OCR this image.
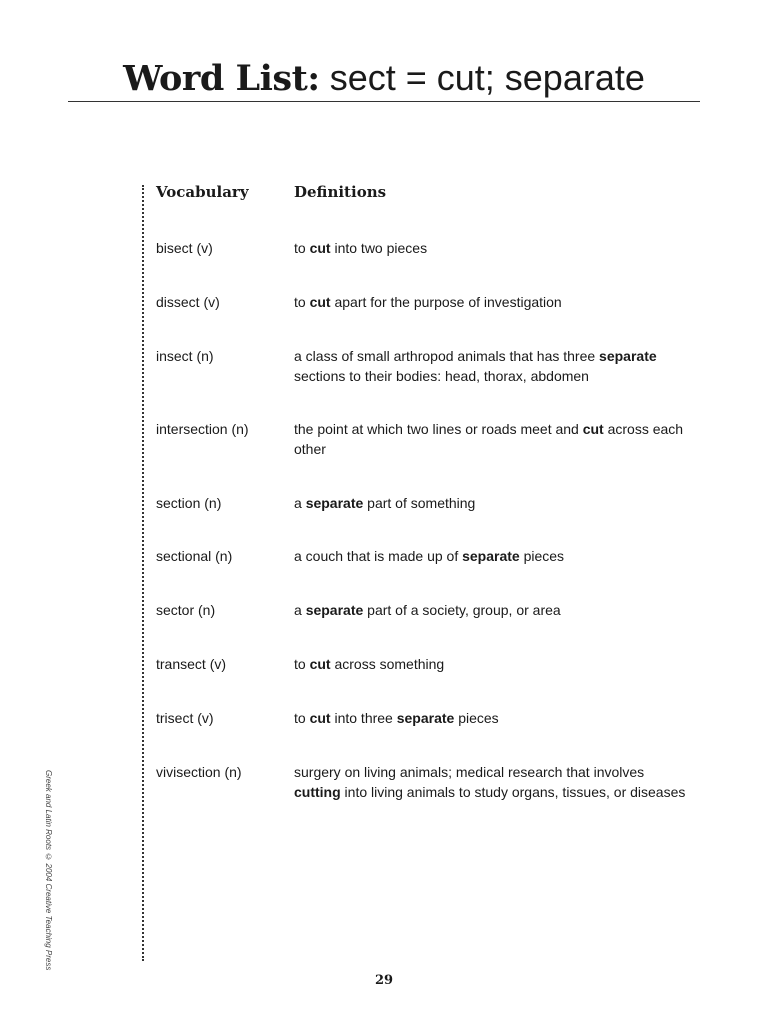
Word List: sect = cut; separate
Greek and Latin Roots © 2004 Creative Teaching Press
Vocabulary	Definitions
bisect (v)	to cut into two pieces
dissect (v)	to cut apart for the purpose of investigation
insect (n)	a class of small arthropod animals that has three separate sections to their bodies: head, thorax, abdomen
intersection (n)	the point at which two lines or roads meet and cut across each other
section (n)	a separate part of something
sectional (n)	a couch that is made up of separate pieces
sector (n)	a separate part of a society, group, or area
transect (v)	to cut across something
trisect (v)	to cut into three separate pieces
vivisection (n)	surgery on living animals; medical research that involves cutting into living animals to study organs, tissues, or diseases
29
